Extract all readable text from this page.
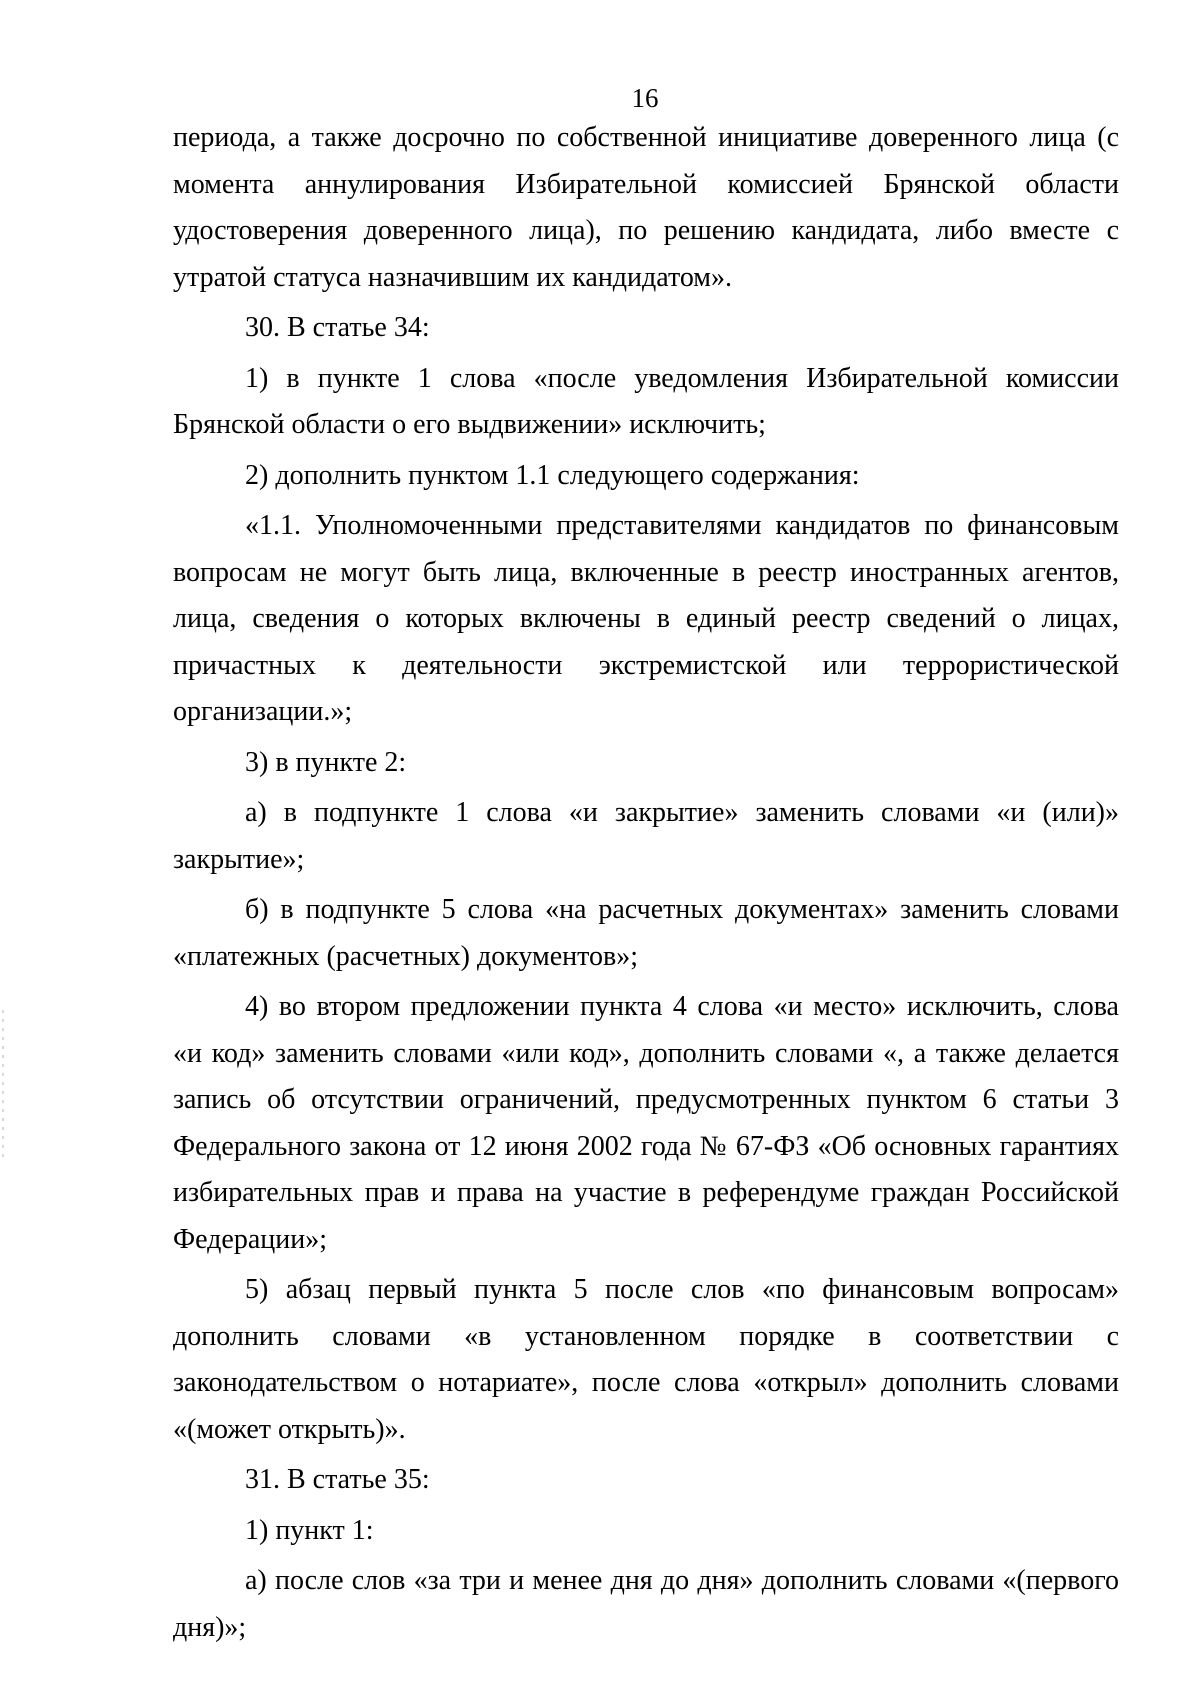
16

периода, а также досрочно по собственной инициативе доверенного лица (с момента аннулирования Избирательной комиссией Брянской области удостоверения доверенного лица), по решению кандидата, либо вместе с утратой статуса назначившим их кандидатом».

30. В статье 34:

1) в пункте 1 слова «после уведомления Избирательной комиссии Брянской области о его выдвижении» исключить;

2) дополнить пунктом 1.1 следующего содержания:

«1.1. Уполномоченными представителями кандидатов по финансовым вопросам не могут быть лица, включенные в реестр иностранных агентов, лица, сведения о которых включены в единый реестр сведений о лицах, причастных к деятельности экстремистской или террористической организации.»;

3) в пункте 2:

а) в подпункте 1 слова «и закрытие» заменить словами «и (или)» закрытие»;

б) в подпункте 5 слова «на расчетных документах» заменить словами «платежных (расчетных) документов»;

4) во втором предложении пункта 4 слова «и место» исключить, слова «и код» заменить словами «или код», дополнить словами «, а также делается запись об отсутствии ограничений, предусмотренных пунктом 6 статьи 3 Федерального закона от 12 июня 2002 года № 67-ФЗ «Об основных гарантиях избирательных прав и права на участие в референдуме граждан Российской Федерации»;

5) абзац первый пункта 5 после слов «по финансовым вопросам» дополнить словами «в установленном порядке в соответствии с законодательством о нотариате», после слова «открыл» дополнить словами «(может открыть)».

31. В статье 35:

1) пункт 1:

а) после слов «за три и менее дня до дня» дополнить словами «(первого дня)»;
